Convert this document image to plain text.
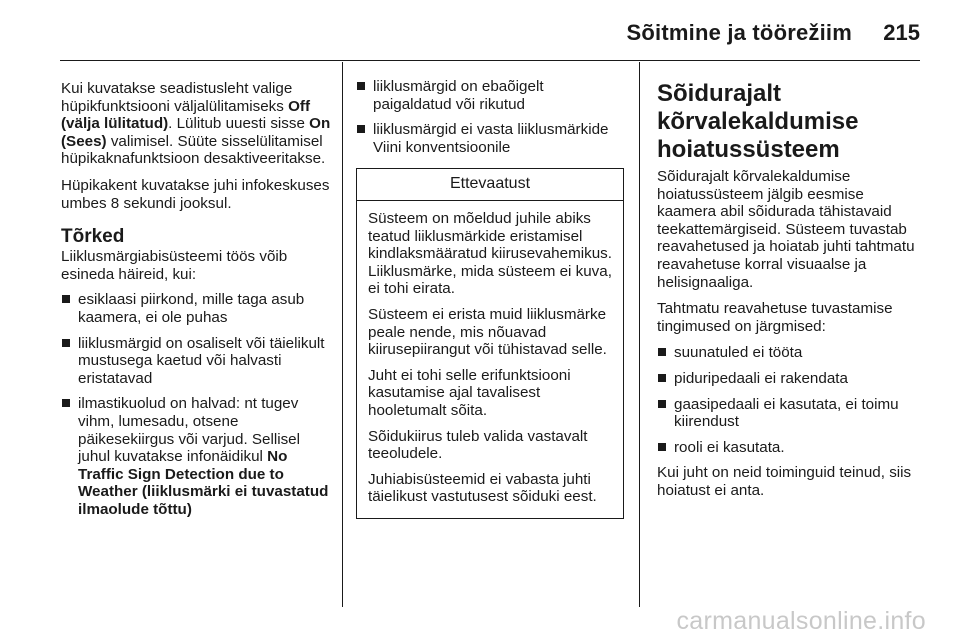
Sõitmine ja töörežiim 215

Kui kuvatakse seadistusleht valige hüpikfunktsiooni väljalülitamiseks Off (välja lülitatud). Lülitub uuesti sisse On (Sees) valimisel. Süüte sisselülitamisel hüpikaknafunktsioon desaktiveeritakse.

Hüpikakent kuvatakse juhi infokeskuses umbes 8 sekundi jooksul.

Tõrked

Liiklusmärgiabisüsteemi töös võib esineda häireid, kui:

esiklaasi piirkond, mille taga asub kaamera, ei ole puhas
liiklusmärgid on osaliselt või täielikult mustusega kaetud või halvasti eristatavad
ilmastikuolud on halvad: nt tugev vihm, lumesadu, otsene päikesekiirgus või varjud. Sellisel juhul kuvatakse infonäidikul No Traffic Sign Detection due to Weather (liiklusmärki ei tuvastatud ilmaolude tõttu)
liiklusmärgid on ebaõigelt paigaldatud või rikutud
liiklusmärgid ei vasta liiklusmärkide Viini konventsioonile
Ettevaatust

Süsteem on mõeldud juhile abiks teatud liiklusmärkide eristamisel kindlaksmääratud kiirusevahemikus. Liiklusmärke, mida süsteem ei kuva, ei tohi eirata.

Süsteem ei erista muid liiklusmärke peale nende, mis nõuavad kiirusepiirangut või tühistavad selle.

Juht ei tohi selle erifunktsiooni kasutamise ajal tavalisest hooletumalt sõita.

Sõidukiirus tuleb valida vastavalt teeoludele.

Juhiabisüsteemid ei vabasta juhti täielikust vastutusest sõiduki eest.

Sõidurajalt kõrvalekaldumise hoiatussüsteem

Sõidurajalt kõrvalekaldumise hoiatussüsteem jälgib eesmise kaamera abil sõidurada tähistavaid teekattemärgiseid. Süsteem tuvastab reavahetused ja hoiatab juhti tahtmatu reavahetuse korral visuaalse ja helisignaaliga.

Tahtmatu reavahetuse tuvastamise tingimused on järgmised:

suunatuled ei tööta
piduripedaali ei rakendata
gaasipedaali ei kasutata, ei toimu kiirendust
rooli ei kasutata.

Kui juht on neid toiminguid teinud, siis hoiatust ei anta.

carmanualsonline.info
